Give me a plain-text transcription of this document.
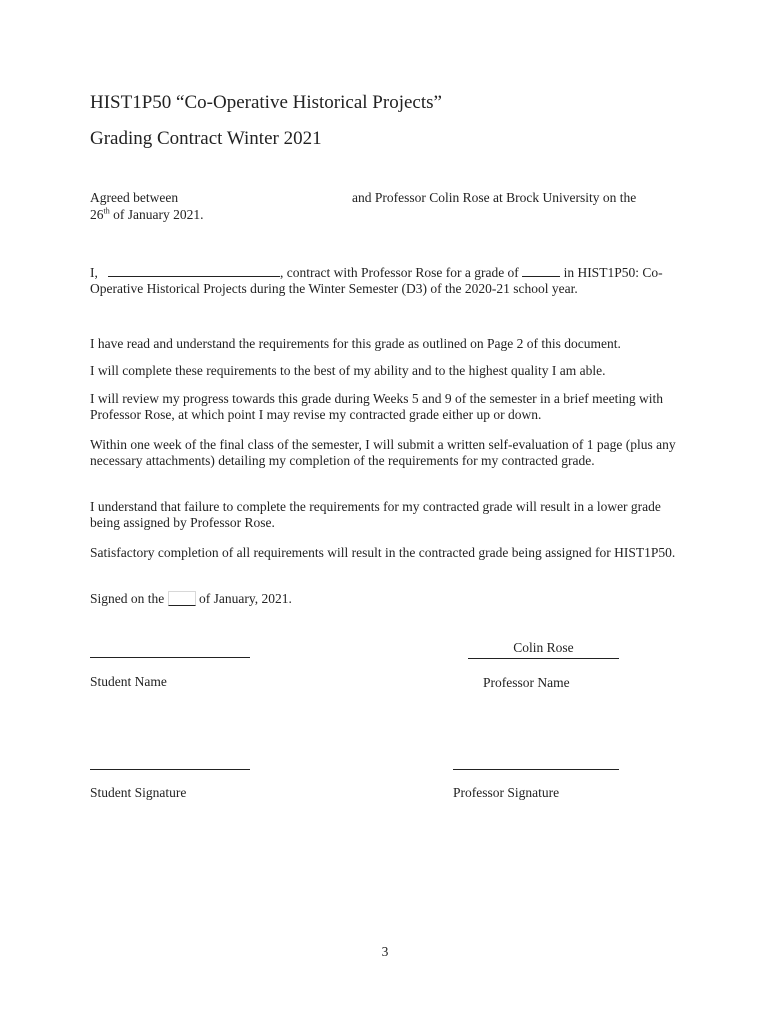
HIST1P50 “Co-Operative Historical Projects”
Grading Contract Winter 2021
Agreed between	and Professor Colin Rose at Brock University on the
26th of January 2021.
I,	, contract with Professor Rose for a grade of	in HIST1P50: Co-Operative Historical Projects during the Winter Semester (D3) of the 2020-21 school year.
I have read and understand the requirements for this grade as outlined on Page 2 of this document.
I will complete these requirements to the best of my ability and to the highest quality I am able.
I will review my progress towards this grade during Weeks 5 and 9 of the semester in a brief meeting with Professor Rose, at which point I may revise my contracted grade either up or down.
Within one week of the final class of the semester, I will submit a written self-evaluation of 1 page (plus any necessary attachments) detailing my completion of the requirements for my contracted grade.
I understand that failure to complete the requirements for my contracted grade will result in a lower grade being assigned by Professor Rose.
Satisfactory completion of all requirements will result in the contracted grade being assigned for HIST1P50.
Signed on the  of January, 2021.
Student Name
Colin Rose
Professor Name
Student Signature	Professor Signature
3
